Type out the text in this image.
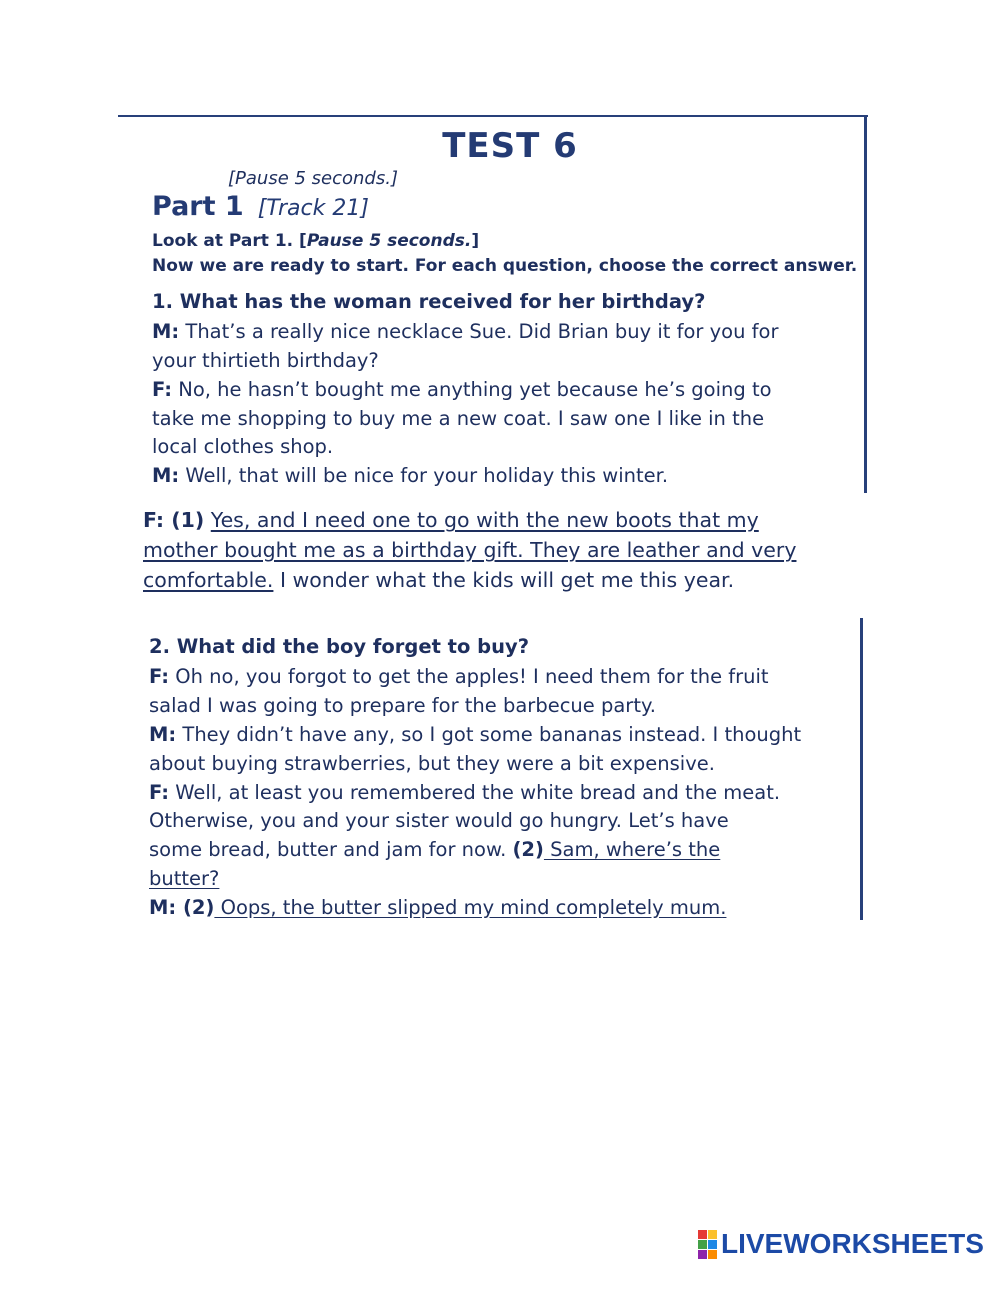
TEST 6
[Pause 5 seconds.]
Part 1 [Track 21]
Look at Part 1. [Pause 5 seconds.]
Now we are ready to start. For each question, choose the correct answer.
1. What has the woman received for her birthday?
M: That’s a really nice necklace Sue. Did Brian buy it for you for
your thirtieth birthday?
F: No, he hasn’t bought me anything yet because he’s going to
take me shopping to buy me a new coat. I saw one I like in the
local clothes shop.
M: Well, that will be nice for your holiday this winter.
F: (1) Yes, and I need one to go with the new boots that my
mother bought me as a birthday gift. They are leather and very
comfortable. I wonder what the kids will get me this year.
2. What did the boy forget to buy?
F: Oh no, you forgot to get the apples! I need them for the fruit
salad I was going to prepare for the barbecue party.
M: They didn’t have any, so I got some bananas instead. I thought
about buying strawberries, but they were a bit expensive.
F: Well, at least you remembered the white bread and the meat.
Otherwise, you and your sister would go hungry. Let’s have
some bread, butter and jam for now. (2) Sam, where’s the
butter?
M: (2) Oops, the butter slipped my mind completely mum.
LIVEWORKSHEETS
